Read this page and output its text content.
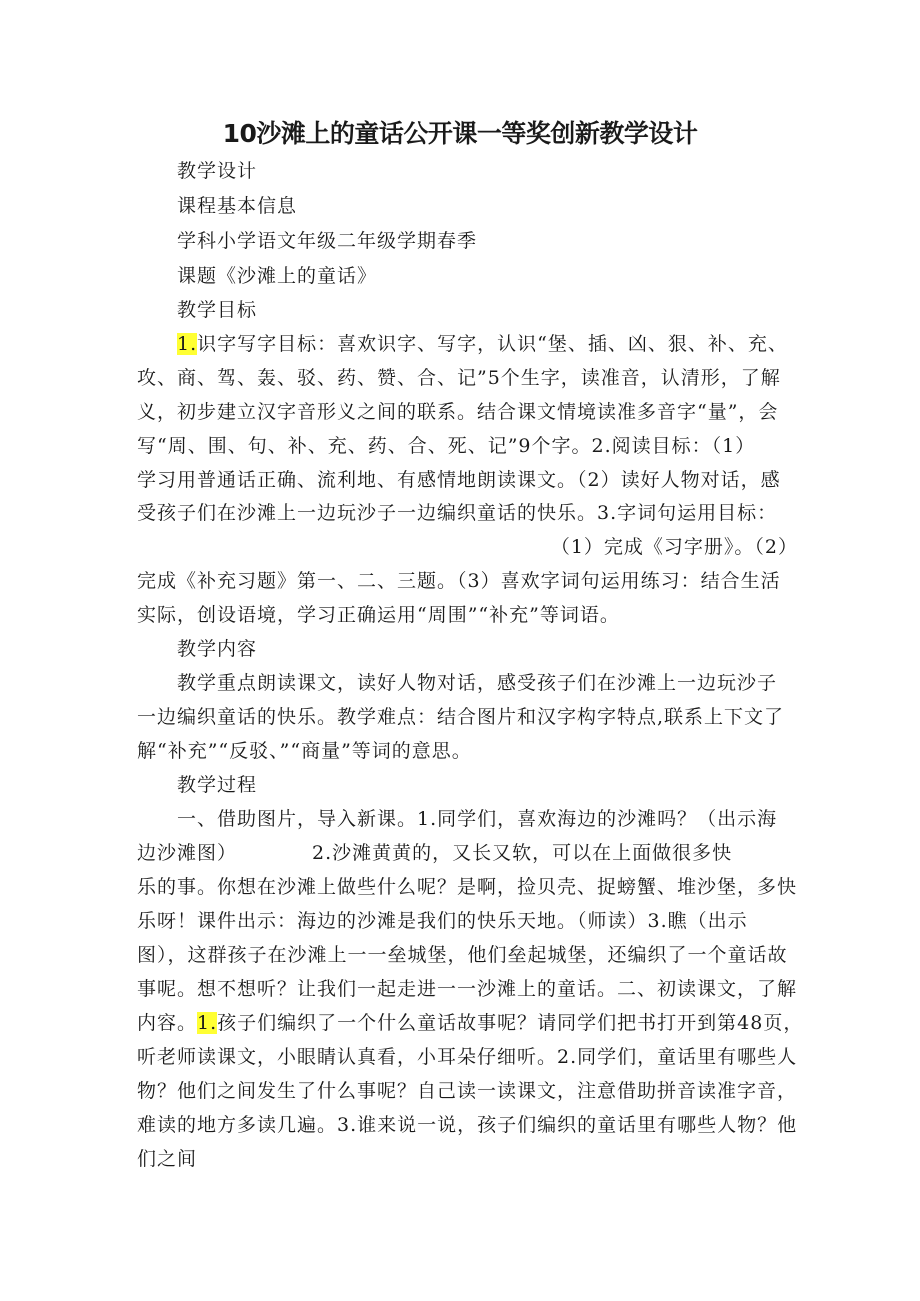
10沙滩上的童话公开课一等奖创新教学设计
教学设计
课程基本信息
学科小学语文年级二年级学期春季
课题《沙滩上的童话》
教学目标
1.识字写字目标：喜欢识字、写字，认识“堡、插、凶、狠、补、充、
攻、商、驾、轰、驳、药、赞、合、记”5个生字，读准音，认清形，了解
义，初步建立汉字音形义之间的联系。结合课文情境读准多音字“量”，会
写“周、围、句、补、充、药、合、死、记”9个字。2.阅读目标：（1）
学习用普通话正确、流利地、有感情地朗读课文。（2）读好人物对话，感
受孩子们在沙滩上一边玩沙子一边编织童话的快乐。3.字词句运用目标：
（1）完成《习字册》。（2）
完成《补充习题》第一、二、三题。（3）喜欢字词句运用练习：结合生活
实际，创设语境，学习正确运用“周围”“补充”等词语。
教学内容
教学重点朗读课文，读好人物对话，感受孩子们在沙滩上一边玩沙子
一边编织童话的快乐。教学难点：结合图片和汉字构字特点,联系上下文了
解“补充”“反驳、”“商量”等词的意思。
教学过程
一、借助图片，导入新课。1.同学们，喜欢海边的沙滩吗？（出示海
边沙滩图）	2.沙滩黄黄的，又长又软，可以在上面做很多快
乐的事。你想在沙滩上做些什么呢？是啊，捡贝壳、捉螃蟹、堆沙堡，多快
乐呀！课件出示：海边的沙滩是我们的快乐天地。（师读）3.瞧（出示
图），这群孩子在沙滩上一一垒城堡，他们垒起城堡，还编织了一个童话故
事呢。想不想听？让我们一起走进一一沙滩上的童话。二、初读课文，了解
内容。1.孩子们编织了一个什么童话故事呢？请同学们把书打开到第48页，
听老师读课文，小眼睛认真看，小耳朵仔细听。2.同学们，童话里有哪些人
物？他们之间发生了什么事呢？自己读一读课文，注意借助拼音读准字音，
难读的地方多读几遍。3.谁来说一说，孩子们编织的童话里有哪些人物？他
们之间
